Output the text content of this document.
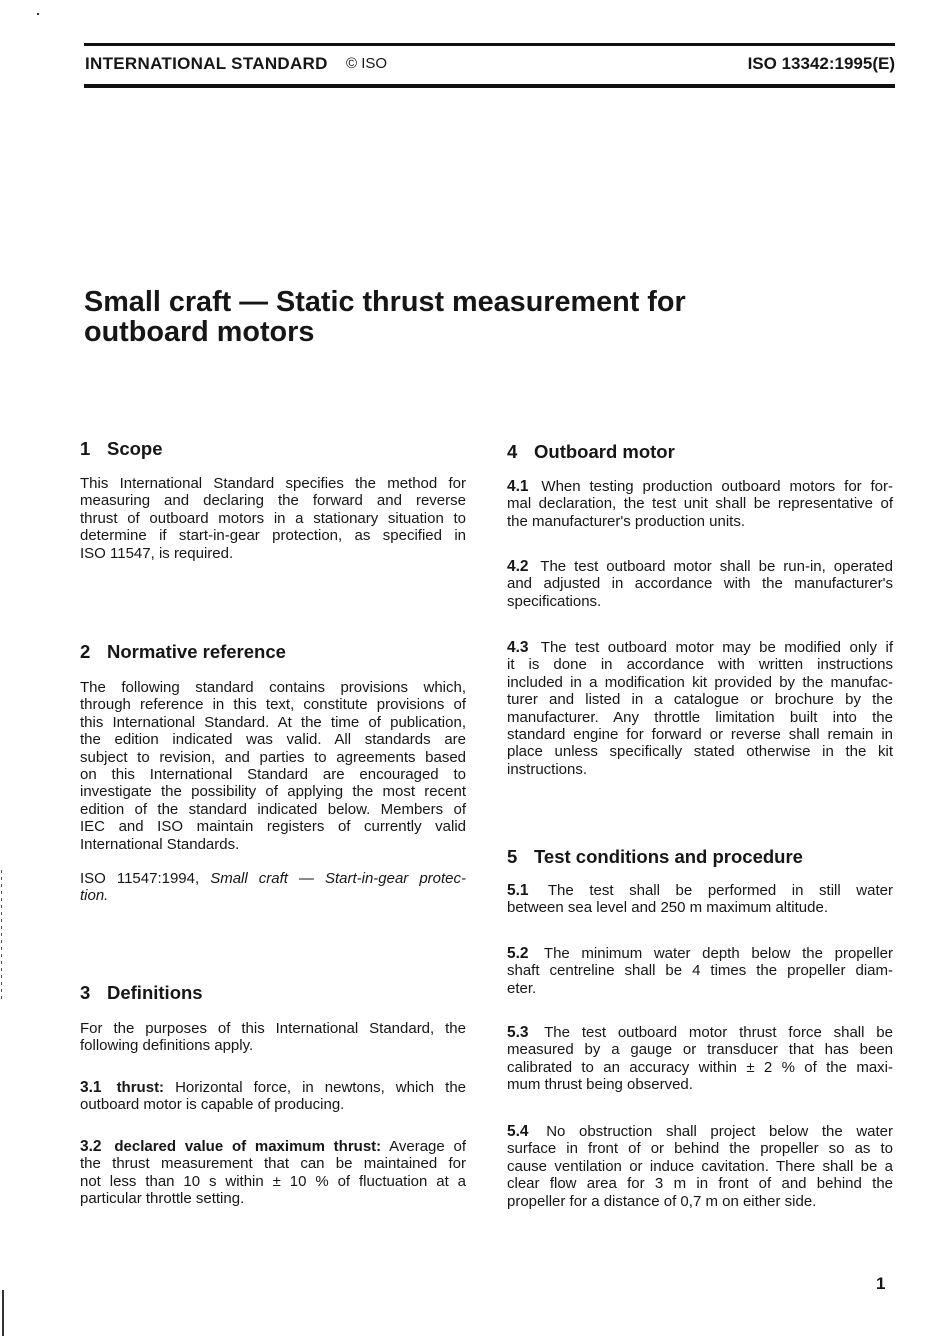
INTERNATIONAL STANDARD © ISO	ISO 13342:1995(E)
Small craft — Static thrust measurement for
outboard motors
1 Scope
This International Standard specifies the method for
measuring and declaring the forward and reverse
thrust of outboard motors in a stationary situation to
determine if start-in-gear protection, as specified in
ISO 11547, is required.
2 Normative reference
The following standard contains provisions which,
through reference in this text, constitute provisions of
this International Standard. At the time of publication,
the edition indicated was valid. All standards are
subject to revision, and parties to agreements based
on this International Standard are encouraged to
investigate the possibility of applying the most recent
edition of the standard indicated below. Members of
IEC and ISO maintain registers of currently valid
International Standards.
ISO 11547:1994, Small craft — Start-in-gear protec-
tion.
3 Definitions
For the purposes of this International Standard, the
following definitions apply.
3.1 thrust: Horizontal force, in newtons, which the
outboard motor is capable of producing.
3.2 declared value of maximum thrust: Average of
the thrust measurement that can be maintained for
not less than 10 s within ± 10 % of fluctuation at a
particular throttle setting.
4 Outboard motor
4.1 When testing production outboard motors for for-
mal declaration, the test unit shall be representative of
the manufacturer's production units.
4.2 The test outboard motor shall be run-in, operated
and adjusted in accordance with the manufacturer's
specifications.
4.3 The test outboard motor may be modified only if
it is done in accordance with written instructions
included in a modification kit provided by the manufac-
turer and listed in a catalogue or brochure by the
manufacturer. Any throttle limitation built into the
standard engine for forward or reverse shall remain in
place unless specifically stated otherwise in the kit
instructions.
5 Test conditions and procedure
5.1 The test shall be performed in still water
between sea level and 250 m maximum altitude.
5.2 The minimum water depth below the propeller
shaft centreline shall be 4 times the propeller diam-
eter.
5.3 The test outboard motor thrust force shall be
measured by a gauge or transducer that has been
calibrated to an accuracy within ± 2 % of the maxi-
mum thrust being observed.
5.4 No obstruction shall project below the water
surface in front of or behind the propeller so as to
cause ventilation or induce cavitation. There shall be a
clear flow area for 3 m in front of and behind the
propeller for a distance of 0,7 m on either side.
1
